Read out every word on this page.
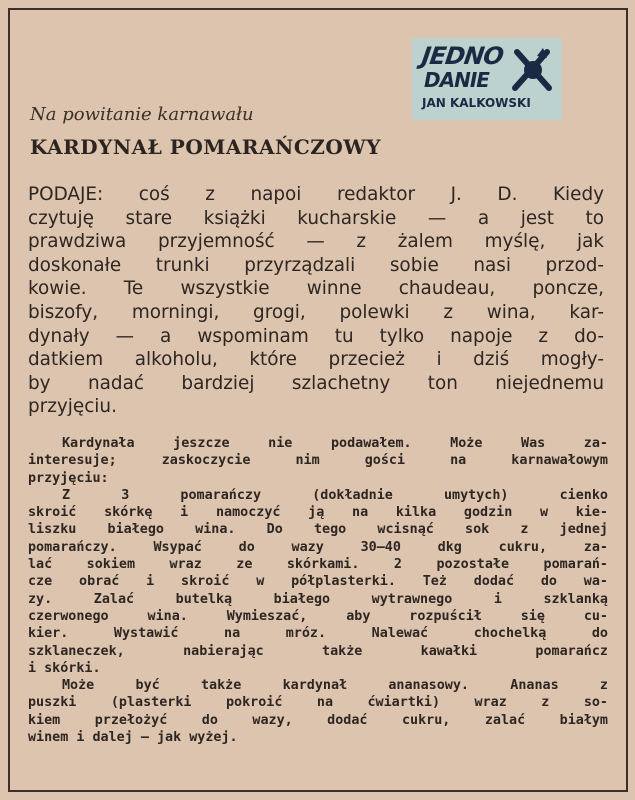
JEDNO
DANIE
JAN KALKOWSKI
Na powitanie karnawału
KARDYNAŁ POMARAŃCZOWY
PODAJE: coś z napoi redaktor J. D. Kiedy
czytuję stare książki kucharskie — a jest to
prawdziwa przyjemność — z żalem myślę, jak
doskonałe trunki przyrządzali sobie nasi przod-
kowie. Te wszystkie winne chaudeau, poncze,
biszofy, morningi, grogi, polewki z wina, kar-
dynały — a wspominam tu tylko napoje z do-
datkiem alkoholu, które przecież i dziś mogły-
by nadać bardziej szlachetny ton niejednemu
przyjęciu.
Kardynała jeszcze nie podawałem. Może Was za-
interesuje; zaskoczycie nim gości na karnawałowym
przyjęciu:
Z 3 pomarańczy (dokładnie umytych) cienko
skroić skórkę i namoczyć ją na kilka godzin w kie-
liszku białego wina. Do tego wcisnąć sok z jednej
pomarańczy. Wsypać do wazy 30—40 dkg cukru, za-
lać sokiem wraz ze skórkami. 2 pozostałe pomarań-
cze obrać i skroić w półplasterki. Też dodać do wa-
zy. Zalać butelką białego wytrawnego i szklanką
czerwonego wina. Wymieszać, aby rozpuścił się cu-
kier. Wystawić na mróz. Nalewać chochelką do
szklaneczek, nabierając także kawałki pomarańcz
i skórki.
Może być także kardynał ananasowy. Ananas z
puszki (plasterki pokroić na ćwiartki) wraz z so-
kiem przełożyć do wazy, dodać cukru, zalać białym
winem i dalej — jak wyżej.
